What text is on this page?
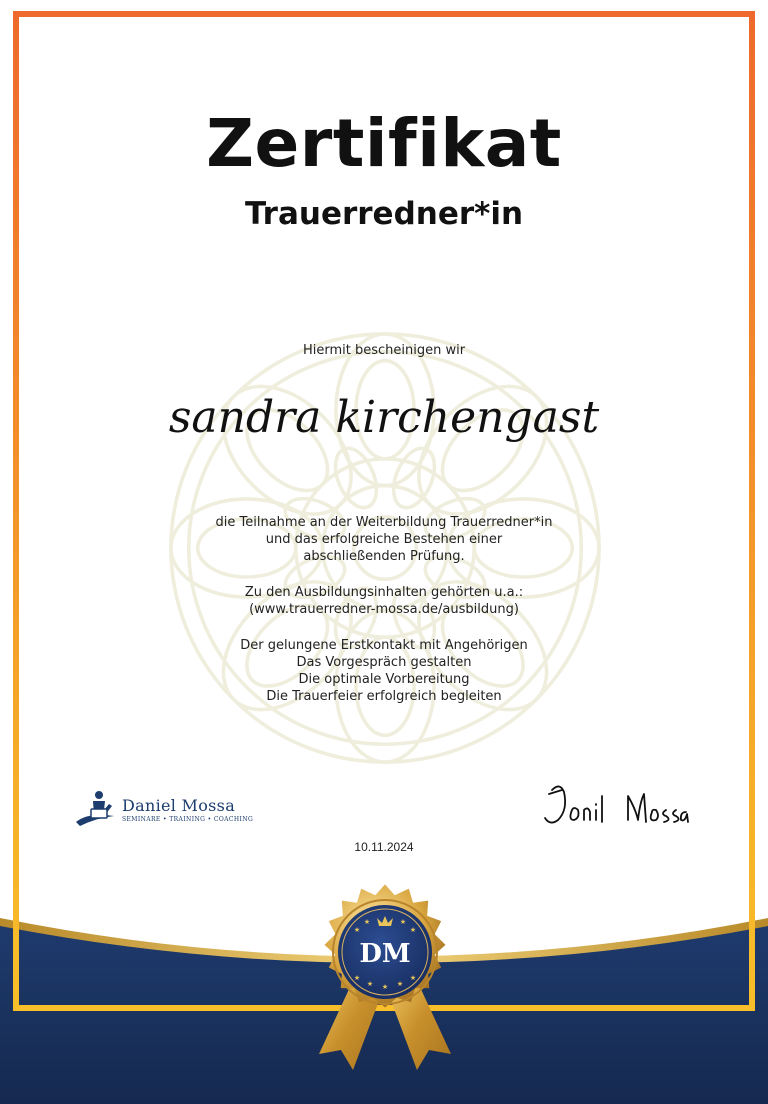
Zertifikat
Trauerredner*in
Hiermit bescheinigen wir
sandra kirchengast
die Teilnahme an der Weiterbildung Trauerredner*in
und das erfolgreiche Bestehen einer
abschließenden Prüfung.
Zu den Ausbildungsinhalten gehörten u.a.:
(www.trauerredner-mossa.de/ausbildung)
Der gelungene Erstkontakt mit Angehörigen
Das Vorgespräch gestalten
Die optimale Vorbereitung
Die Trauerfeier erfolgreich begleiten
Daniel Mossa
SEMINARE • TRAINING • COACHING
10.11.2024
★
★	★
★
★
★ ★ ★
★
DM
